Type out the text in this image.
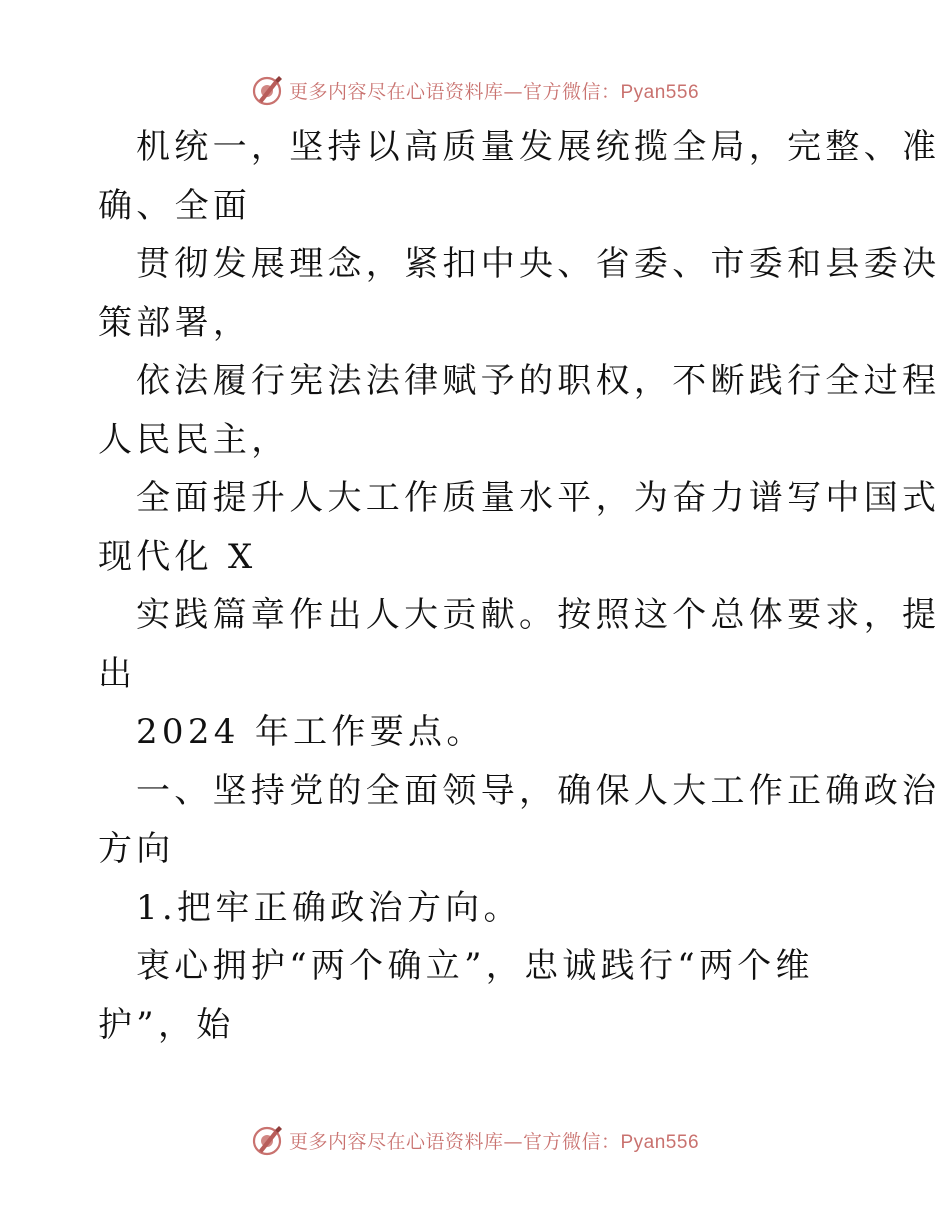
更多内容尽在心语资料库—官方微信：Pyan556
机统一，坚持以高质量发展统揽全局，完整、准
确、全面
贯彻发展理念，紧扣中央、省委、市委和县委决
策部署，
依法履行宪法法律赋予的职权，不断践行全过程
人民民主，
全面提升人大工作质量水平，为奋力谱写中国式
现代化 X
实践篇章作出人大贡献。按照这个总体要求，提
出
2024 年工作要点。
一、坚持党的全面领导，确保人大工作正确政治
方向
1.把牢正确政治方向。
衷心拥护“两个确立”，忠诚践行“两个维
护”，始
更多内容尽在心语资料库—官方微信：Pyan556
